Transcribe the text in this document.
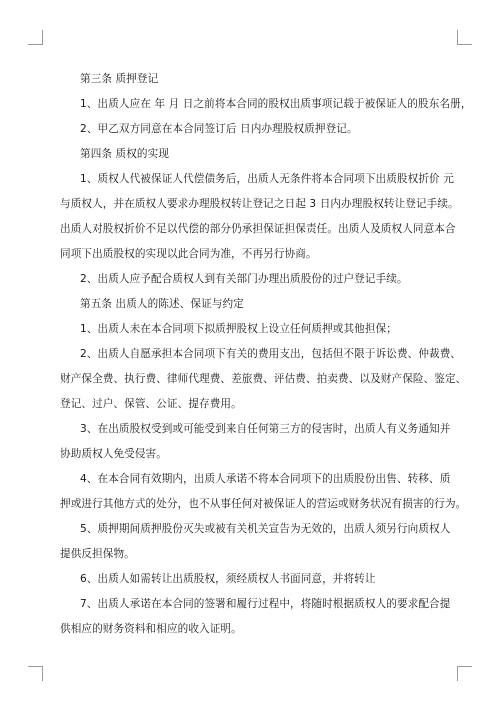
第三条 质押登记
1、出质人应在 年 月 日之前将本合同的股权出质事项记载于被保证人的股东名册，
2、甲乙双方同意在本合同签订后 日内办理股权质押登记。
第四条 质权的实现
1、质权人代被保证人代偿债务后，出质人无条件将本合同项下出质股权折价 元
与质权人，并在质权人要求办理股权转让登记之日起 3 日内办理股权转让登记手续。
出质人对股权折价不足以代偿的部分仍承担保证担保责任。出质人及质权人同意本合
同项下出质股权的实现以此合同为准，不再另行协商。
2、出质人应予配合质权人到有关部门办理出质股份的过户登记手续。
第五条 出质人的陈述、保证与约定
1、出质人未在本合同项下拟质押股权上设立任何质押或其他担保；
2、出质人自愿承担本合同项下有关的费用支出，包括但不限于诉讼费、仲裁费、
财产保全费、执行费、律师代理费、差旅费、评估费、拍卖费、以及财产保险、鉴定、
登记、过户、保管、公证、提存费用。
3、在出质股权受到或可能受到来自任何第三方的侵害时，出质人有义务通知并
协助质权人免受侵害。
4、在本合同有效期内，出质人承诺不将本合同项下的出质股份出售、转移、质
押或进行其他方式的处分，也不从事任何对被保证人的营运或财务状况有损害的行为。
5、质押期间质押股份灭失或被有关机关宣告为无效的，出质人须另行向质权人
提供反担保物。
6、出质人如需转让出质股权，须经质权人书面同意，并将转让
7、出质人承诺在本合同的签署和履行过程中，将随时根据质权人的要求配合提
供相应的财务资料和相应的收入证明。
